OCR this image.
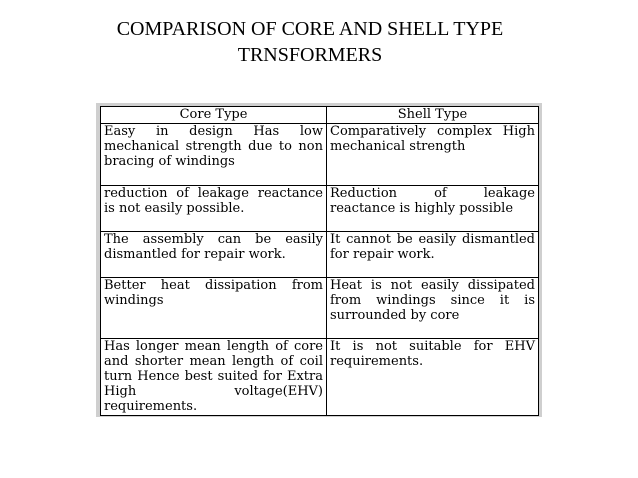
COMPARISON OF CORE AND SHELL TYPE
TRNSFORMERS
Core Type	Shell Type
Easy in design Has low mechanical strength due to non bracing of windings	Comparatively complex High mechanical strength
reduction of leakage reactance is not easily possible.	Reduction of leakage reactance is highly possible
The assembly can be easily dismantled for repair work.	It cannot be easily dismantled for repair work.
Better heat dissipation from windings	Heat is not easily dissipated from windings since it is surrounded by core
Has longer mean length of core and shorter mean length of coil turn Hence best suited for Extra High voltage(EHV) requirements.	It is not suitable for EHV requirements.
